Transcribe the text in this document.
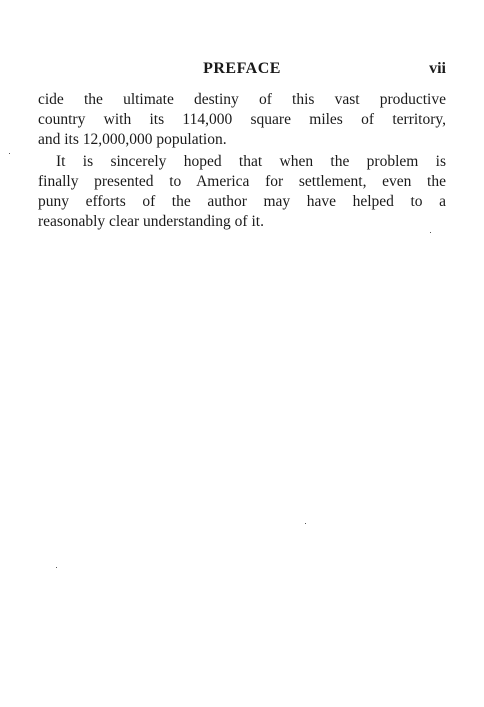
PREFACE	vii
cide the ultimate destiny of this vast productive
country with its 114,000 square miles of territory,
and its 12,000,000 population.
It is sincerely hoped that when the problem is
finally presented to America for settlement, even the
puny efforts of the author may have helped to a
reasonably clear understanding of it.
